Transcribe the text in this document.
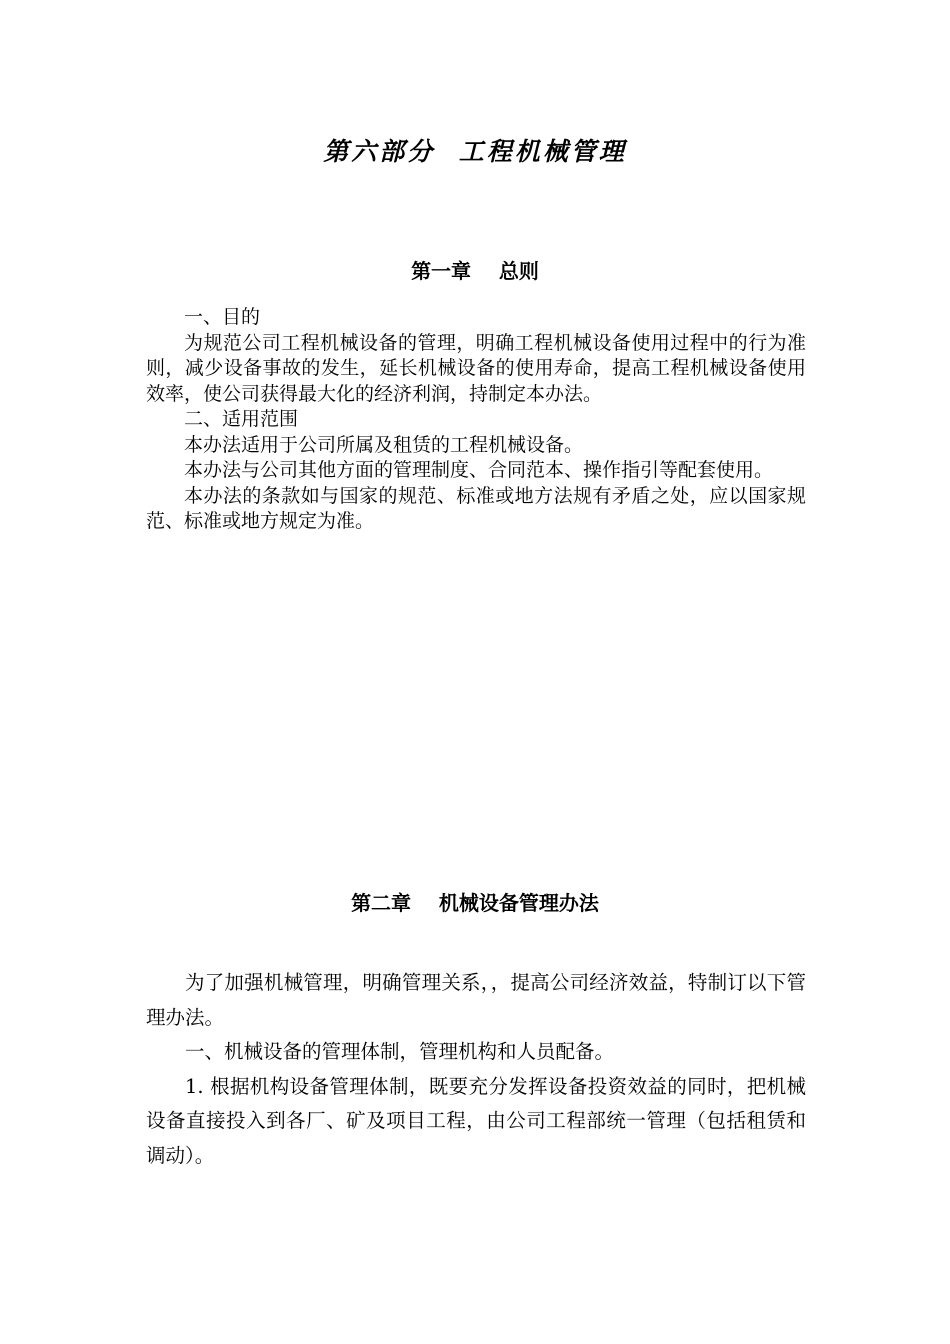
第六部分  工程机械管理
第一章    总则

一、目的

为规范公司工程机械设备的管理，明确工程机械设备使用过程中的行为准则，减少设备事故的发生，延长机械设备的使用寿命，提高工程机械设备使用效率，使公司获得最大化的经济利润，持制定本办法。

二、适用范围

本办法适用于公司所属及租赁的工程机械设备。

本办法与公司其他方面的管理制度、合同范本、操作指引等配套使用。

本办法的条款如与国家的规范、标准或地方法规有矛盾之处，应以国家规范、标准或地方规定为准。

第二章    机械设备管理办法

为了加强机械管理，明确管理关系，，提高公司经济效益，特制订以下管理办法。

一、机械设备的管理体制，管理机构和人员配备。

1. 根据机构设备管理体制，既要充分发挥设备投资效益的同时，把机械设备直接投入到各厂、矿及项目工程，由公司工程部统一管理（包括租赁和调动）。
